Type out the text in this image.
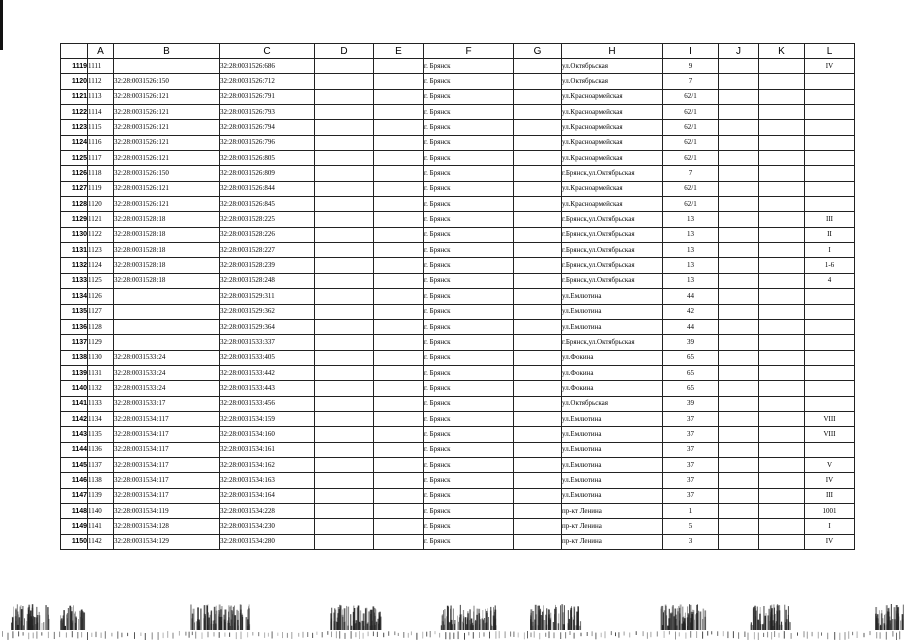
	A	B	C	D	E	F	G	H	I	J	K	L
1119	1111		32:28:0031526:686			г. Брянск		ул.Октябрьская	9			IV
1120	1112	32:28:0031526:150	32:28:0031526:712			г. Брянск		ул.Октябрьская	7			
1121	1113	32:28:0031526:121	32:28:0031526:791			г. Брянск		ул.Красноармейская	62/1			
1122	1114	32:28:0031526:121	32:28:0031526:793			г. Брянск		ул.Красноармейская	62/1			
1123	1115	32:28:0031526:121	32:28:0031526:794			г. Брянск		ул.Красноармейская	62/1			
1124	1116	32:28:0031526:121	32:28:0031526:796			г. Брянск		ул.Красноармейская	62/1			
1125	1117	32:28:0031526:121	32:28:0031526:805			г. Брянск		ул.Красноармейская	62/1			
1126	1118	32:28:0031526:150	32:28:0031526:809			г. Брянск		г.Брянск,ул.Октябрьская	7			
1127	1119	32:28:0031526:121	32:28:0031526:844			г. Брянск		ул.Красноармейская	62/1			
1128	1120	32:28:0031526:121	32:28:0031526:845			г. Брянск		ул.Красноармейская	62/1			
1129	1121	32:28:0031528:18	32:28:0031528:225			г. Брянск		г.Брянск,ул.Октябрьская	13			III
1130	1122	32:28:0031528:18	32:28:0031528:226			г. Брянск		г.Брянск,ул.Октябрьская	13			II
1131	1123	32:28:0031528:18	32:28:0031528:227			г. Брянск		г.Брянск,ул.Октябрьская	13			I
1132	1124	32:28:0031528:18	32:28:0031528:239			г. Брянск		г.Брянск,ул.Октябрьская	13			1-6
1133	1125	32:28:0031528:18	32:28:0031528:248			г. Брянск		г.Брянск,ул.Октябрьская	13			4
1134	1126		32:28:0031529:311			г. Брянск		ул.Емлютина	44			
1135	1127		32:28:0031529:362			г. Брянск		ул.Емлютина	42			
1136	1128		32:28:0031529:364			г. Брянск		ул.Емлютина	44			
1137	1129		32:28:0031533:337			г. Брянск		г.Брянск,ул.Октябрьская	39			
1138	1130	32:28:0031533:24	32:28:0031533:405			г. Брянск		ул.Фокина	65			
1139	1131	32:28:0031533:24	32:28:0031533:442			г. Брянск		ул.Фокина	65			
1140	1132	32:28:0031533:24	32:28:0031533:443			г. Брянск		ул.Фокина	65			
1141	1133	32:28:0031533:17	32:28:0031533:456			г. Брянск		ул.Октябрьская	39			
1142	1134	32:28:0031534:117	32:28:0031534:159			г. Брянск		ул.Емлютина	37			VIII
1143	1135	32:28:0031534:117	32:28:0031534:160			г. Брянск		ул.Емлютина	37			VIII
1144	1136	32:28:0031534:117	32:28:0031534:161			г. Брянск		ул.Емлютина	37			
1145	1137	32:28:0031534:117	32:28:0031534:162			г. Брянск		ул.Емлютина	37			V
1146	1138	32:28:0031534:117	32:28:0031534:163			г. Брянск		ул.Емлютина	37			IV
1147	1139	32:28:0031534:117	32:28:0031534:164			г. Брянск		ул.Емлютина	37			III
1148	1140	32:28:0031534:119	32:28:0031534:228			г. Брянск		пр-кт Ленина	1			1001
1149	1141	32:28:0031534:128	32:28:0031534:230			г. Брянск		пр-кт Ленина	5			I
1150	1142	32:28:0031534:129	32:28:0031534:280			г. Брянск		пр-кт Ленина	3			IV
